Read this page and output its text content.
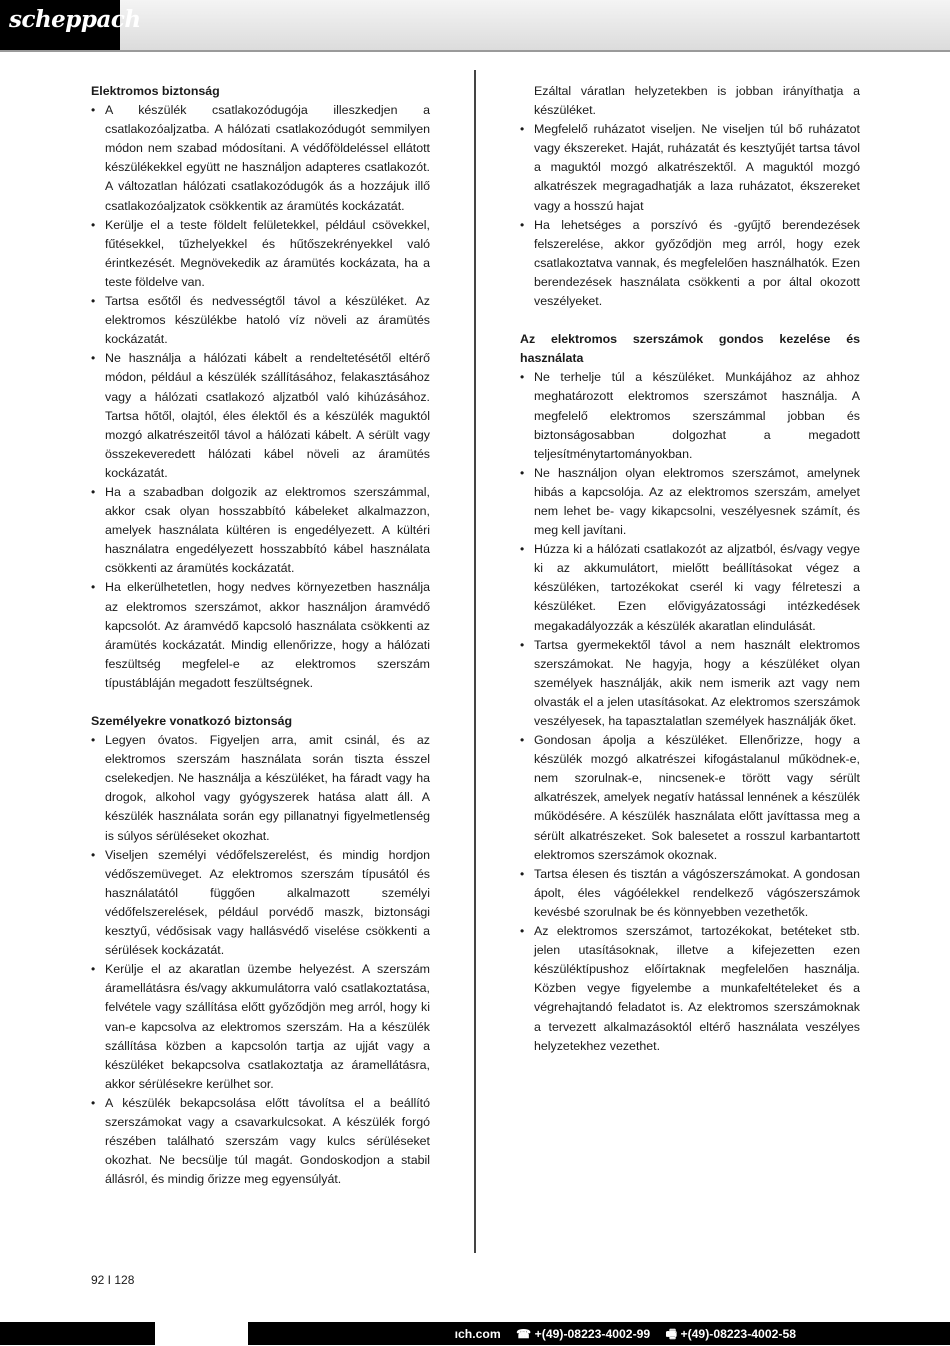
scheppach

Elektromos biztonság

• A készülék csatlakozódugója illeszkedjen a csatlakozóaljzatba. A hálózati csatlakozódugót semmilyen módon nem szabad módosítani. A védőföldeléssel ellátott készülékekkel együtt ne használjon adapteres csatlakozót. A változatlan hálózati csatlakozódugók ás a hozzájuk illő csatlakozóaljzatok csökkentik az áramütés kockázatát.
• Kerülje el a teste földelt felületekkel, például csövekkel, fűtésekkel, tűzhelyekkel és hűtőszekrényekkel való érintkezését. Megnövekedik az áramütés kockázata, ha a teste földelve van.
• Tartsa esőtől és nedvességtől távol a készüléket. Az elektromos készülékbe hatoló víz növeli az áramütés kockázatát.
• Ne használja a hálózati kábelt a rendeltetésétől eltérő módon, például a készülék szállításához, felakasztásához vagy a hálózati csatlakozó aljzatból való kihúzásához. Tartsa hőtől, olajtól, éles élektől és a készülék maguktól mozgó alkatrészeitől távol a hálózati kábelt. A sérült vagy összekeveredett hálózati kábel növeli az áramütés kockázatát.
• Ha a szabadban dolgozik az elektromos szerszámmal, akkor csak olyan hosszabbító kábeleket alkalmazzon, amelyek használata kültéren is engedélyezett. A kültéri használatra engedélyezett hosszabbító kábel használata csökkenti az áramütés kockázatát.
• Ha elkerülhetetlen, hogy nedves környezetben használja az elektromos szerszámot, akkor használjon áramvédő kapcsolót. Az áramvédő kapcsoló használata csökkenti az áramütés kockázatát. Mindig ellenőrizze, hogy a hálózati feszültség megfelel-e az elektromos szerszám típustábláján megadott feszültségnek.

Személyekre vonatkozó biztonság

• Legyen óvatos. Figyeljen arra, amit csinál, és az elektromos szerszám használata során tiszta ésszel cselekedjen. Ne használja a készüléket, ha fáradt vagy ha drogok, alkohol vagy gyógyszerek hatása alatt áll. A készülék használata során egy pillanatnyi figyelmetlenség is súlyos sérüléseket okozhat.
• Viseljen személyi védőfelszerelést, és mindig hordjon védőszemüveget. Az elektromos szerszám típusától és használatától függően alkalmazott személyi védőfelszerelések, például porvédő maszk, biztonsági kesztyű, védősisak vagy hallásvédő viselése csökkenti a sérülések kockázatát.
• Kerülje el az akaratlan üzembe helyezést. A szerszám áramellátásra és/vagy akkumulátorra való csatlakoztatása, felvétele vagy szállítása előtt győződjön meg arról, hogy ki van-e kapcsolva az elektromos szerszám. Ha a készülék szállítása közben a kapcsolón tartja az ujját vagy a készüléket bekapcsolva csatlakoztatja az áramellátásra, akkor sérülésekre kerülhet sor.
• A készülék bekapcsolása előtt távolítsa el a beállító szerszámokat vagy a csavarkulcsokat. A készülék forgó részében található szerszám vagy kulcs sérüléseket okozhat. Ne becsülje túl magát. Gondoskodjon a stabil állásról, és mindig őrizze meg egyensúlyát.

Ezáltal váratlan helyzetekben is jobban irányíthatja a készüléket.

• Megfelelő ruházatot viseljen. Ne viseljen túl bő ruházatot vagy ékszereket. Haját, ruházatát és kesztyűjét tartsa távol a maguktól mozgó alkatrészektől. A maguktól mozgó alkatrészek megragadhatják a laza ruházatot, ékszereket vagy a hosszú hajat
• Ha lehetséges a porszívó és -gyűjtő berendezések felszerelése, akkor győződjön meg arról, hogy ezek csatlakoztatva vannak, és megfelelően használhatók. Ezen berendezések használata csökkenti a por által okozott veszélyeket.

Az elektromos szerszámok gondos kezelése és használata

• Ne terhelje túl a készüléket. Munkájához az ahhoz meghatározott elektromos szerszámot használja. A megfelelő elektromos szerszámmal jobban és biztonságosabban dolgozhat a megadott teljesítménytartományokban.
• Ne használjon olyan elektromos szerszámot, amelynek hibás a kapcsolója. Az az elektromos szerszám, amelyet nem lehet be- vagy kikapcsolni, veszélyesnek számít, és meg kell javítani.
• Húzza ki a hálózati csatlakozót az aljzatból, és/vagy vegye ki az akkumulátort, mielőtt beállításokat végez a készüléken, tartozékokat cserél ki vagy félreteszi a készüléket. Ezen elővigyázatossági intézkedések megakadályozzák a készülék akaratlan elindulását.
• Tartsa gyermekektől távol a nem használt elektromos szerszámokat. Ne hagyja, hogy a készüléket olyan személyek használják, akik nem ismerik azt vagy nem olvasták el a jelen utasításokat. Az elektromos szerszámok veszélyesek, ha tapasztalatlan személyek használják őket.
• Gondosan ápolja a készüléket. Ellenőrizze, hogy a készülék mozgó alkatrészei kifogástalanul működnek-e, nem szorulnak-e, nincsenek-e törött vagy sérült alkatrészek, amelyek negatív hatással lennének a készülék működésére. A készülék használata előtt javíttassa meg a sérült alkatrészeket. Sok balesetet a rosszul karbantartott elektromos szerszámok okoznak.
• Tartsa élesen és tisztán a vágószerszámokat. A gondosan ápolt, éles vágóélekkel rendelkező vágószerszámok kevésbé szorulnak be és könnyebben vezethetők.
• Az elektromos szerszámot, tartozékokat, betéteket stb. jelen utasításoknak, illetve a kifejezetten ezen készüléktípushoz előírtaknak megfelelően használja. Közben vegye figyelembe a munkafeltételeket és a végrehajtandó feladatot is. Az elektromos szerszámoknak a tervezett alkalmazásoktól eltérő használata veszélyes helyzetekhez vezethet.
92 I 128
ıch.com ☎ +(49)-08223-4002-99 🖷 +(49)-08223-4002-58
